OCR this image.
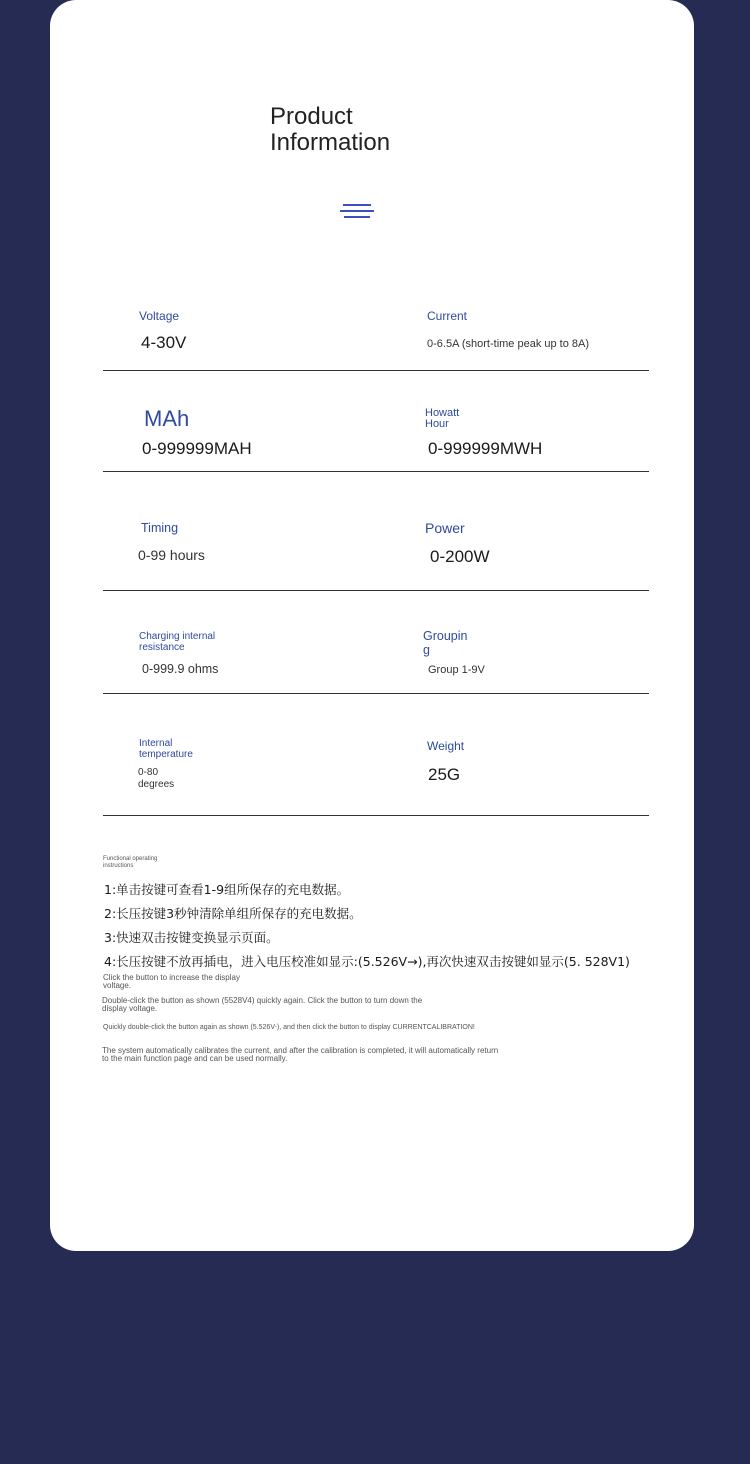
Product
Information
Voltage
4-30V
Current
0-6.5A (short-time peak up to 8A)
MAh
0-999999MAH
Howatt
Hour
0-999999MWH
Timing
0-99 hours
Power
0-200W
Charging internal
resistance
0-999.9 ohms
Groupin
g
Group 1-9V
Internal
temperature
0-80
degrees
Weight
25G
Functional operating
instructions
1:单击按键可查看1-9组所保存的充电数据。
2:长压按键3秒钟清除单组所保存的充电数据。
3:快速双击按键变换显示页面。
4:长压按键不放再插电，进入电压校准如显示:(5.526V→),再次快速双击按键如显示(5. 528V1)
Click the button to increase the display
voltage.
Double-click the button as shown (5528V4) quickly again. Click the button to turn down the
display voltage.
Quickly double-click the button again as shown (5.526V-), and then click the button to display CURRENTCALIBRATION!
The system automatically calibrates the current, and after the calibration is completed, it will automatically return
to the main function page and can be used normally.
